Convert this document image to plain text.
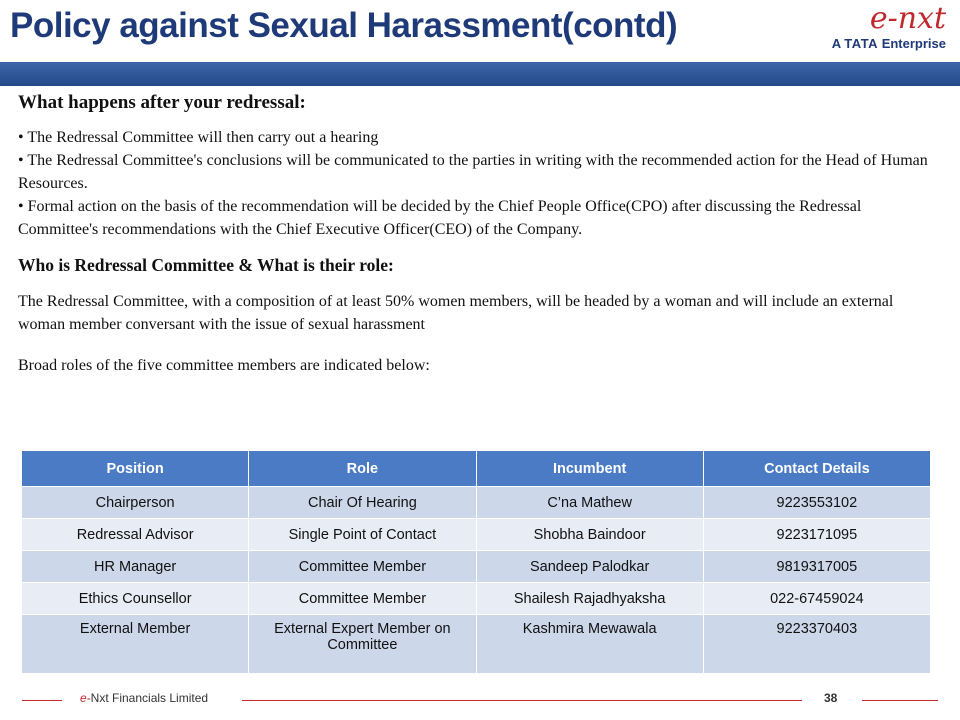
Policy against Sexual Harassment(contd)	e-nxt
A TATA Enterprise

What happens after your redressal:

• The Redressal Committee will then carry out a hearing

• The Redressal Committee's conclusions will be communicated to the parties in writing with the recommended action for the Head of Human Resources.

• Formal action on the basis of the recommendation will be decided by the Chief People Office(CPO) after discussing the Redressal Committee's recommendations with the Chief Executive Officer(CEO) of the Company.

Who is Redressal Committee & What is their role:

The Redressal Committee, with a composition of at least 50% women members, will be headed by a woman and will include an external woman member conversant with the issue of sexual harassment

Broad roles of the five committee members are indicated below:

Position	Role	Incumbent	Contact Details
Chairperson	Chair Of Hearing	C’na Mathew	9223553102
Redressal Advisor	Single Point of Contact	Shobha Baindoor	9223171095
HR Manager	Committee Member	Sandeep Palodkar	9819317005
Ethics Counsellor	Committee Member	Shailesh Rajadhyaksha	022-67459024
External Member	External Expert Member on Committee	Kashmira Mewawala	9223370403
e-Nxt Financials Limited	38
